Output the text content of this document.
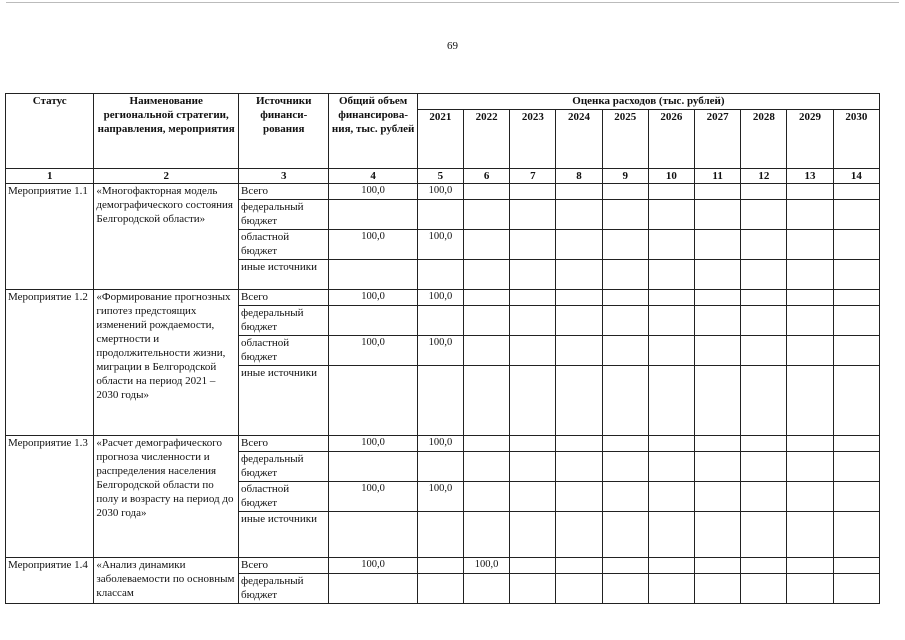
69
Статус	Наименование региональной стратегии, направления, мероприятия	Источники финанси-рования	Общий объем финансирова-ния, тыс. рублей	Оценка расходов (тыс. рублей)									
				2021	2022	2023	2024	2025	2026	2027	2028	2029	2030
1	2	3	4	5	6	7	8	9	10	11	12	13	14
Мероприятие 1.1	«Многофакторная модель демографического состояния Белгородской области»	Всего	100,0	100,0									
		федеральный бюджет											
		областной бюджет	100,0	100,0									
		иные источники											
Мероприятие 1.2	«Формирование прогнозных гипотез предстоящих изменений рождаемости, смертности и продолжительности жизни, миграции в Белгородской области на период 2021 – 2030 годы»	Всего	100,0	100,0									
		федеральный бюджет											
		областной бюджет	100,0	100,0									
		иные источники											
Мероприятие 1.3	«Расчет демографического прогноза численности и распределения населения Белгородской области по полу и возрасту на период до 2030 года»	Всего	100,0	100,0									
		федеральный бюджет											
		областной бюджет	100,0	100,0									
		иные источники											
Мероприятие 1.4	«Анализ динамики заболеваемости по основным классам	Всего	100,0		100,0								
		федеральный бюджет											
